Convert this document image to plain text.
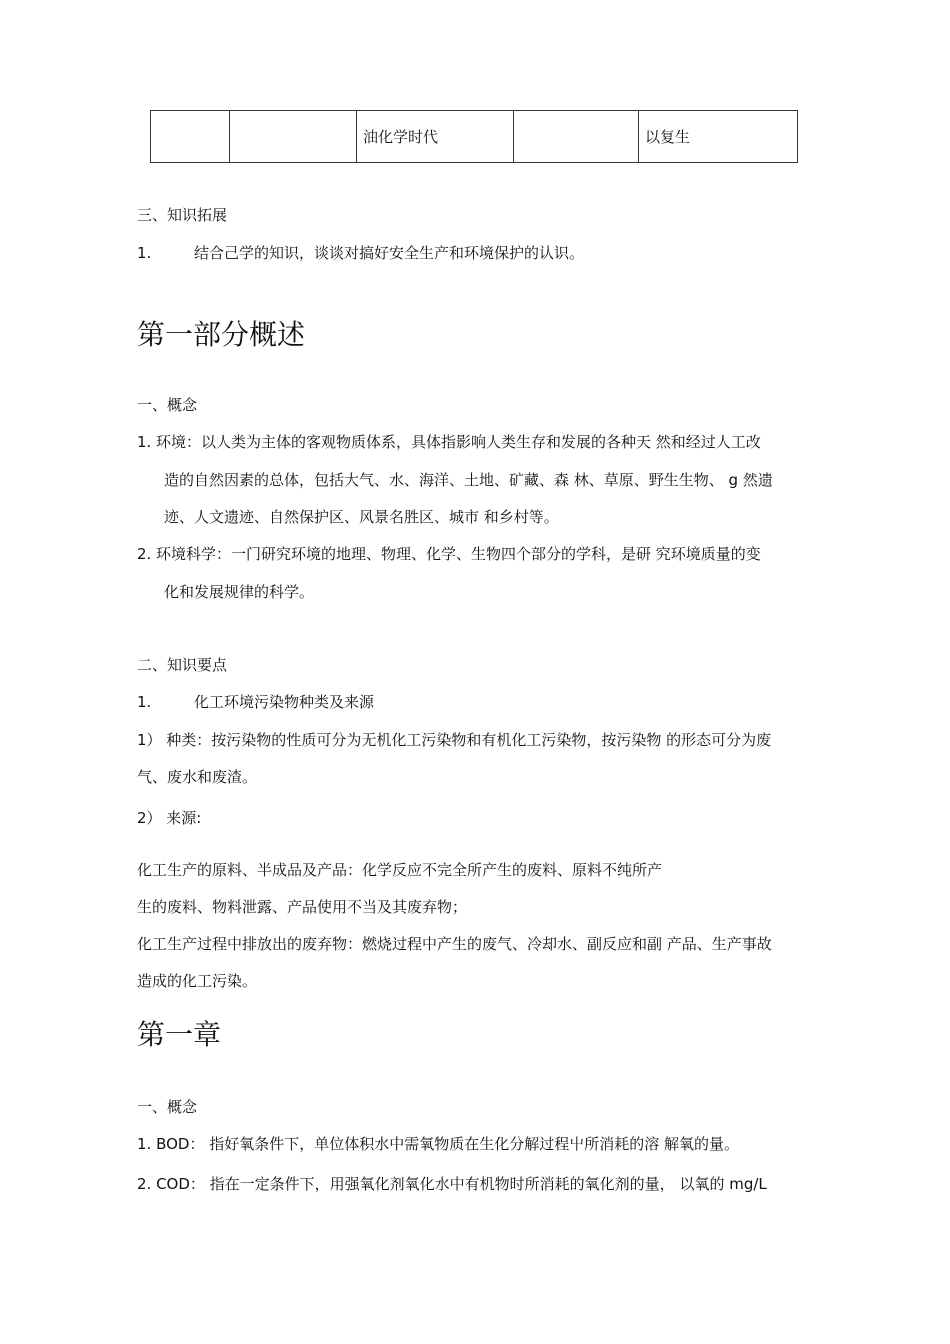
		油化学时代		以复生
三、知识拓展
1.	结合己学的知识，谈谈对搞好安全生产和环境保护的认识。
第一部分概述
一、概念
1. 环境：以人类为主体的客观物质体系，具体指影响人类生存和发展的各种天 然和经过人工改
造的自然因素的总体，包括大气、水、海洋、土地、矿藏、森 林、草原、野生生物、 g 然遗
迹、人文遗迹、自然保护区、风景名胜区、城市 和乡村等。
2. 环境科学：一门研究环境的地理、物理、化学、生物四个部分的学科，是研 究环境质量的变
化和发展规律的科学。
二、知识要点
1.	化工环境污染物种类及来源
1） 种类：按污染物的性质可分为无机化工污染物和有机化工污染物，按污染物 的形态可分为废
气、废水和废渣。
2） 来源:
化工生产的原料、半成品及产品：化学反应不完全所产生的废料、原料不纯所产
生的废料、物料泄露、产品使用不当及其废弃物；
化工生产过程中排放出的废弃物：燃烧过程中产生的废气、冷却水、副反应和副 产品、生产事故
造成的化工污染。
第一章
一、概念
1. BOD： 指好氧条件下，单位体积水中需氧物质在生化分解过程屮所消耗的溶 解氧的量。
2. COD： 指在一定条件下，用强氧化剂氧化水中有机物时所消耗的氧化剂的量， 以氧的 mg/L
